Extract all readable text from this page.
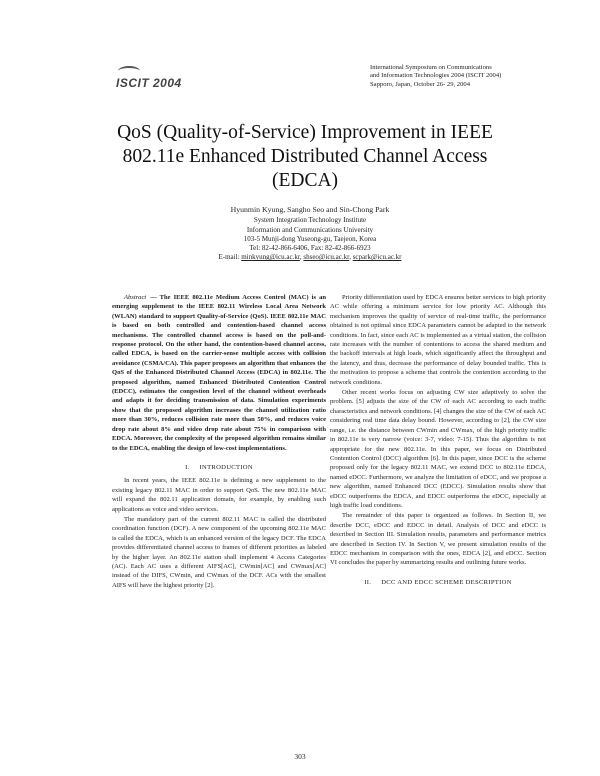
ISCIT 2004
International Symposium on Communications
and Information Technologies 2004 (ISCIT 2004)
Sapporo, Japan, October 26- 29, 2004
QoS (Quality-of-Service) Improvement in IEEE
802.11e Enhanced Distributed Channel Access
(EDCA)
Hyunmin Kyung, Sangho Seo and Sin-Chong Park
System Integration Technology Institute
Information and Communications University
103-5 Munji-dong Yuseong-gu, Taejeon, Korea
Tel: 82-42-866-6406, Fax: 82-42-866-6923
E-mail: minkyung@icu.ac.kr, shseo@icu.ac.kr, scpark@icu.ac.kr

Abstract — The IEEE 802.11e Medium Access Control (MAC) is an emerging supplement to the IEEE 802.11 Wireless Local Area Network (WLAN) standard to support Quality-of-Service (QoS). IEEE 802.11e MAC is based on both controlled and contention-based channel access mechanisms. The controlled channel access is based on the poll-and-response protocol. On the other hand, the contention-based channel access, called EDCA, is based on the carrier-sense multiple access with collision avoidance (CSMA/CA). This paper proposes an algorithm that enhances the QoS of the Enhanced Distributed Channel Access (EDCA) in 802.11e. The proposed algorithm, named Enhanced Distributed Contention Control (EDCC), estimates the congestion level of the channel without overheads and adapts it for deciding transmission of data. Simulation experiments show that the proposed algorithm increases the channel utilization ratio more than 30%, reduces collision rate more than 50%, and reduces voice drop rate about 8% and video drop rate about 75% in comparison with EDCA. Moreover, the complexity of the proposed algorithm remains similar to the EDCA, enabling the design of low-cost implementations.

I. INTRODUCTION

In recent years, the IEEE 802.11e is defining a new supplement to the existing legacy 802.11 MAC in order to support QoS. The new 802.11e MAC will expand the 802.11 application domain, for example, by enabling such applications as voice and video services.

The mandatory part of the current 802.11 MAC is called the distributed coordination function (DCF). A new component of the upcoming 802.11e MAC is called the EDCA, which is an enhanced version of the legacy DCF. The EDCA provides differentiated channel access to frames of different priorities as labeled by the higher layer. An 802.11e station shall implement 4 Access Categories (AC). Each AC uses a different AIFS[AC], CWmin[AC] and CWmax[AC] instead of the DIFS, CWmin, and CWmax of the DCF. ACs with the smallest AIFS will have the highest priority [2].

Priority differentiation used by EDCA ensures better services to high priority AC while offering a minimum service for low priority AC. Although this mechanism improves the quality of service of real-time traffic, the performance obtained is not optimal since EDCA parameters cannot be adapted to the network conditions. In fact, since each AC is implemented as a virtual station, the collision rate increases with the number of contentions to access the shared medium and the backoff intervals at high loads, which significantly affect the throughput and the latency, and thus, decrease the performance of delay bounded traffic. This is the motivation to propose a scheme that controls the contention according to the network conditions.

Other recent works focus on adjusting CW size adaptively to solve the problem. [5] adjusts the size of the CW of each AC according to each traffic characteristics and network conditions. [4] changes the size of the CW of each AC considering real time data delay bound. However, according to [2], the CW size range, i.e. the distance between CWmin and CWmax, of the high priority traffic in 802.11e is very narrow (voice: 3-7, video: 7-15). Thus the algorithm is not appropriate for the new 802.11e. In this paper, we focus on Distributed Contention Control (DCC) algorithm [6]. In this paper, since DCC is the scheme proposed only for the legacy 802.11 MAC, we extend DCC to 802.11e EDCA, named eDCC. Furthermore, we analyze the limitation of eDCC, and we propose a new algorithm, named Enhanced DCC (EDCC). Simulation results show that eDCC outperforms the EDCA, and EDCC outperforms the eDCC, especially at high traffic load conditions.

The remainder of this paper is organized as follows. In Section II, we describe DCC, eDCC and EDCC in detail. Analysis of DCC and eDCC is described in Section III. Simulation results, parameters and performance metrics are described in Section IV. In Section V, we present simulation results of the EDCC mechanism in comparison with the ones, EDCA [2], and eDCC. Section VI concludes the paper by summarizing results and outlining future works.

II. DCC AND EDCC SCHEME DESCRIPTION
303
